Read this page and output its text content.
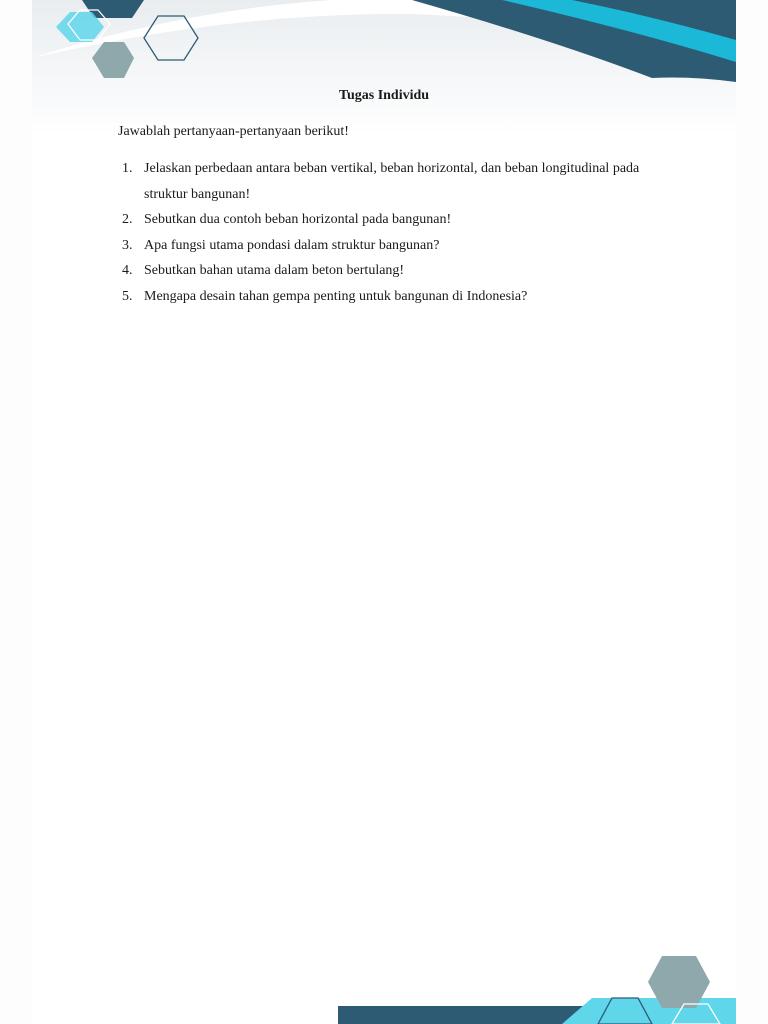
Tugas Individu
Jawablah pertanyaan-pertanyaan berikut!
1. Jelaskan perbedaan antara beban vertikal, beban horizontal, dan beban longitudinal pada struktur bangunan!
2. Sebutkan dua contoh beban horizontal pada bangunan!
3. Apa fungsi utama pondasi dalam struktur bangunan?
4. Sebutkan bahan utama dalam beton bertulang!
5. Mengapa desain tahan gempa penting untuk bangunan di Indonesia?
